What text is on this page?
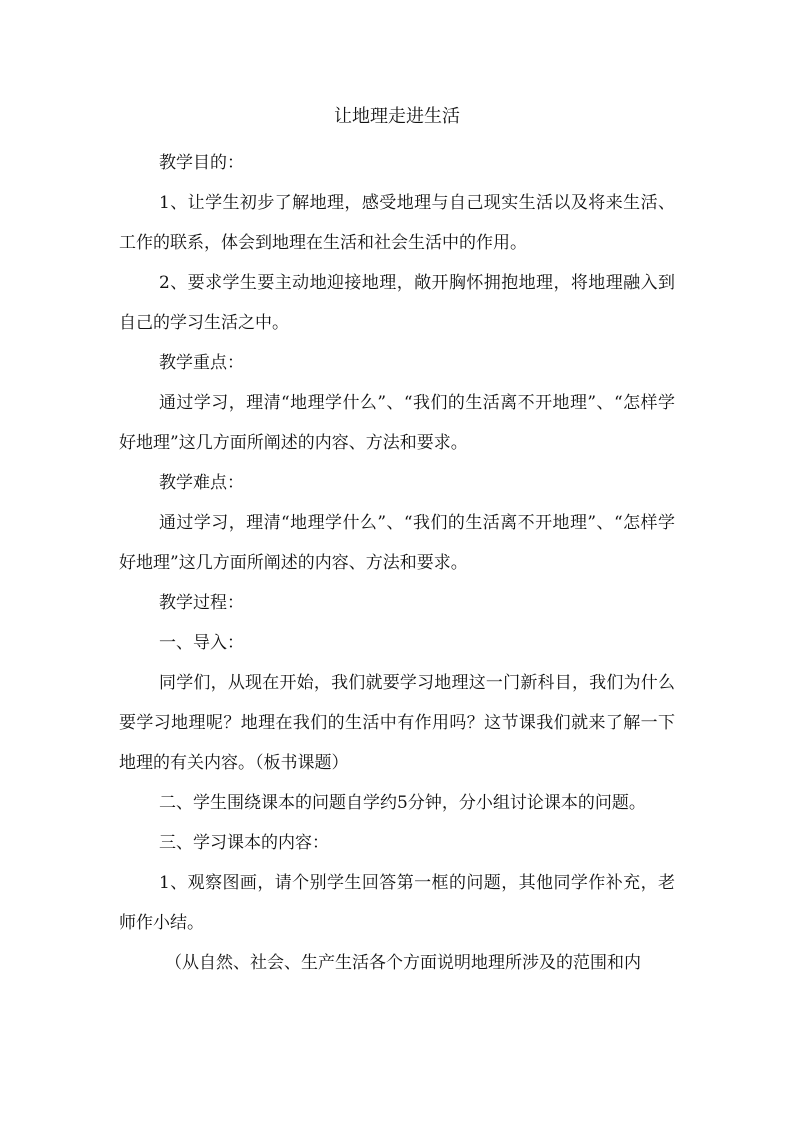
让地理走进生活

教学目的：

1、让学生初步了解地理，感受地理与自己现实生活以及将来生活、工作的联系，体会到地理在生活和社会生活中的作用。

2、要求学生要主动地迎接地理，敞开胸怀拥抱地理，将地理融入到自己的学习生活之中。

教学重点：

通过学习，理清“地理学什么”、“我们的生活离不开地理”、“怎样学好地理”这几方面所阐述的内容、方法和要求。

教学难点：

通过学习，理清“地理学什么”、“我们的生活离不开地理”、“怎样学好地理”这几方面所阐述的内容、方法和要求。

教学过程：

一、导入：

同学们，从现在开始，我们就要学习地理这一门新科目，我们为什么要学习地理呢？地理在我们的生活中有作用吗？这节课我们就来了解一下地理的有关内容。（板书课题）

二、学生围绕课本的问题自学约5分钟，分小组讨论课本的问题。

三、学习课本的内容：

1、观察图画，请个别学生回答第一框的问题，其他同学作补充，老师作小结。

（从自然、社会、生产生活各个方面说明地理所涉及的范围和内
